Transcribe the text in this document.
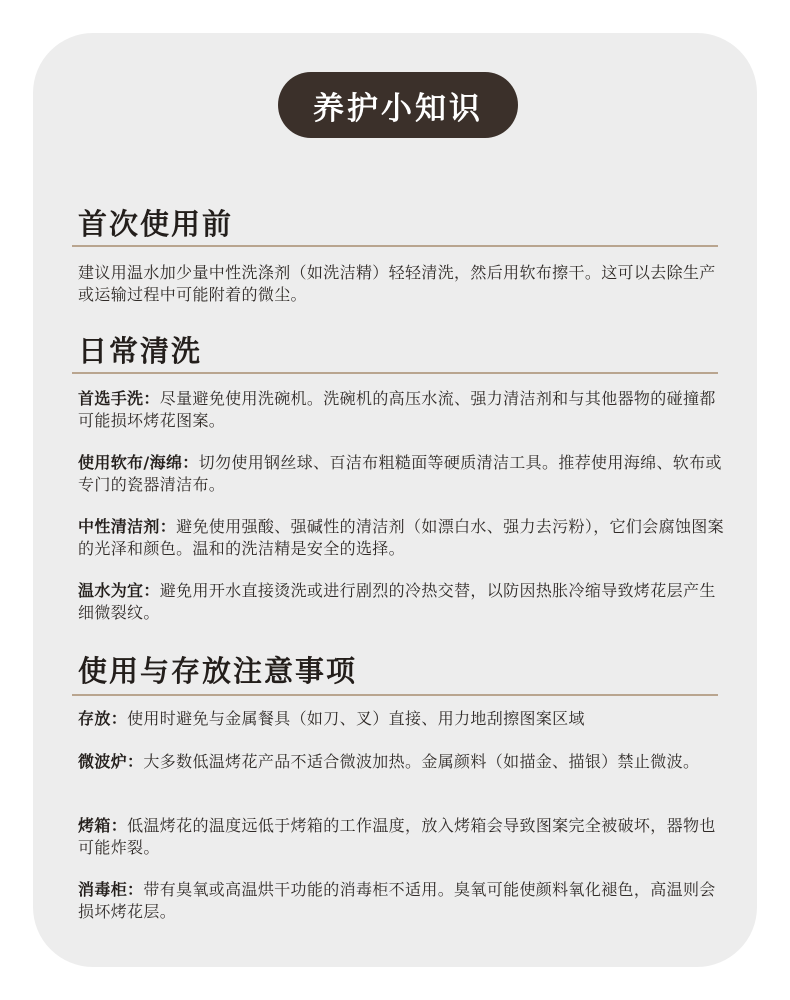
养护小知识
首次使用前
建议用温水加少量中性洗涤剂（如洗洁精）轻轻清洗，然后用软布擦干。这可以去除生产或运输过程中可能附着的微尘。
日常清洗
首选手洗：尽量避免使用洗碗机。洗碗机的高压水流、强力清洁剂和与其他器物的碰撞都可能损坏烤花图案。
使用软布/海绵：切勿使用钢丝球、百洁布粗糙面等硬质清洁工具。推荐使用海绵、软布或专门的瓷器清洁布。
中性清洁剂：避免使用强酸、强碱性的清洁剂（如漂白水、强力去污粉），它们会腐蚀图案的光泽和颜色。温和的洗洁精是安全的选择。
温水为宜：避免用开水直接烫洗或进行剧烈的冷热交替，以防因热胀冷缩导致烤花层产生细微裂纹。
使用与存放注意事项
存放：使用时避免与金属餐具（如刀、叉）直接、用力地刮擦图案区域
微波炉：大多数低温烤花产品不适合微波加热。金属颜料（如描金、描银）禁止微波。
烤箱：低温烤花的温度远低于烤箱的工作温度，放入烤箱会导致图案完全被破坏，器物也可能炸裂。
消毒柜：带有臭氧或高温烘干功能的消毒柜不适用。臭氧可能使颜料氧化褪色，高温则会损坏烤花层。
